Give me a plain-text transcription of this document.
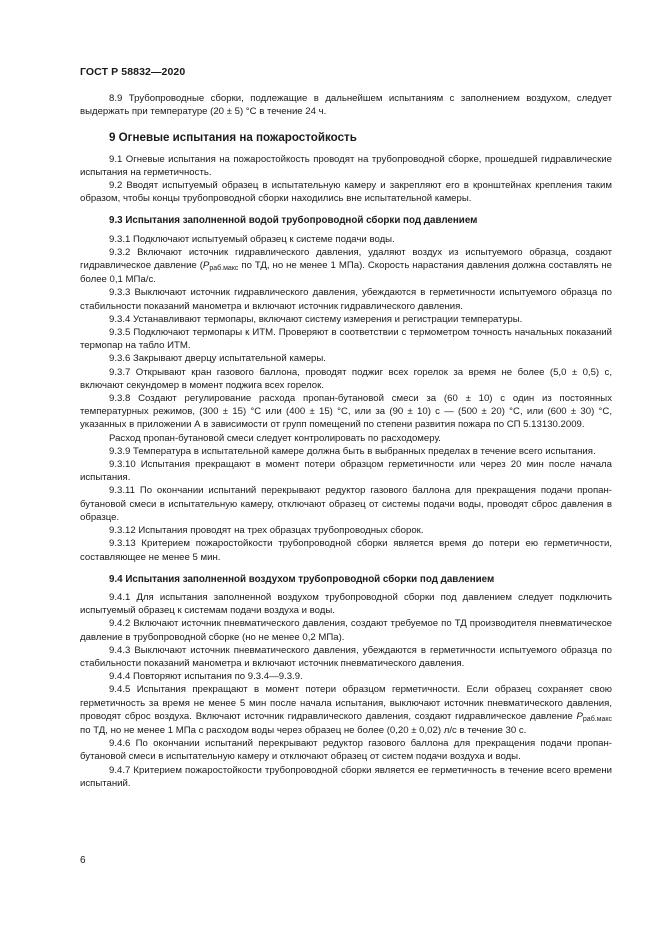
ГОСТ Р 58832—2020

8.9 Трубопроводные сборки, подлежащие в дальнейшем испытаниям с заполнением воздухом, следует выдержать при температуре (20 ± 5) °С в течение 24 ч.

9 Огневые испытания на пожаростойкость

9.1 Огневые испытания на пожаростойкость проводят на трубопроводной сборке, прошедшей гидравлические испытания на герметичность.

9.2 Вводят испытуемый образец в испытательную камеру и закрепляют его в кронштейнах крепления таким образом, чтобы концы трубопроводной сборки находились вне испытательной камеры.

9.3 Испытания заполненной водой трубопроводной сборки под давлением

9.3.1 Подключают испытуемый образец к системе подачи воды.

9.3.2 Включают источник гидравлического давления, удаляют воздух из испытуемого образца, создают гидравлическое давление ($P_{раб.макс}$ по ТД, но не менее 1 МПа). Скорость нарастания давления должна составлять не более 0,1 МПа/с.

9.3.3 Выключают источник гидравлического давления, убеждаются в герметичности испытуемого образца по стабильности показаний манометра и включают источник гидравлического давления.

9.3.4 Устанавливают термопары, включают систему измерения и регистрации температуры.

9.3.5 Подключают термопары к ИТМ. Проверяют в соответствии с термометром точность начальных показаний термопар на табло ИТМ.

9.3.6 Закрывают дверцу испытательной камеры.

9.3.7 Открывают кран газового баллона, проводят поджиг всех горелок за время не более (5,0 ± 0,5) с, включают секундомер в момент поджига всех горелок.

9.3.8 Создают регулирование расхода пропан-бутановой смеси за (60 ± 10) с один из постоянных температурных режимов, (300 ± 15) °С или (400 ± 15) °С, или за (90 ± 10) с — (500 ± 20) °С, или (600 ± 30) °С, указанных в приложении А в зависимости от групп помещений по степени развития пожара по СП 5.13130.2009.

Расход пропан-бутановой смеси следует контролировать по расходомеру.

9.3.9 Температура в испытательной камере должна быть в выбранных пределах в течение всего испытания.

9.3.10 Испытания прекращают в момент потери образцом герметичности или через 20 мин после начала испытания.

9.3.11 По окончании испытаний перекрывают редуктор газового баллона для прекращения подачи пропан-бутановой смеси в испытательную камеру, отключают образец от системы подачи воды, проводят сброс давления в образце.

9.3.12 Испытания проводят на трех образцах трубопроводных сборок.

9.3.13 Критерием пожаростойкости трубопроводной сборки является время до потери ею герметичности, составляющее не менее 5 мин.

9.4 Испытания заполненной воздухом трубопроводной сборки под давлением

9.4.1 Для испытания заполненной воздухом трубопроводной сборки под давлением следует подключить испытуемый образец к системам подачи воздуха и воды.

9.4.2 Включают источник пневматического давления, создают требуемое по ТД производителя пневматическое давление в трубопроводной сборке (но не менее 0,2 МПа).

9.4.3 Выключают источник пневматического давления, убеждаются в герметичности испытуемого образца по стабильности показаний манометра и включают источник пневматического давления.

9.4.4 Повторяют испытания по 9.3.4—9.3.9.

9.4.5 Испытания прекращают в момент потери образцом герметичности. Если образец сохраняет свою герметичность за время не менее 5 мин после начала испытания, выключают источник пневматического давления, проводят сброс воздуха. Включают источник гидравлического давления, создают гидравлическое давление $P_{раб.макс}$ по ТД, но не менее 1 МПа с расходом воды через образец не более (0,20 ± 0,02) л/с в течение 30 с.

9.4.6 По окончании испытаний перекрывают редуктор газового баллона для прекращения подачи пропан-бутановой смеси в испытательную камеру и отключают образец от систем подачи воздуха и воды.

9.4.7 Критерием пожаростойкости трубопроводной сборки является ее герметичность в течение всего времени испытаний.

6
